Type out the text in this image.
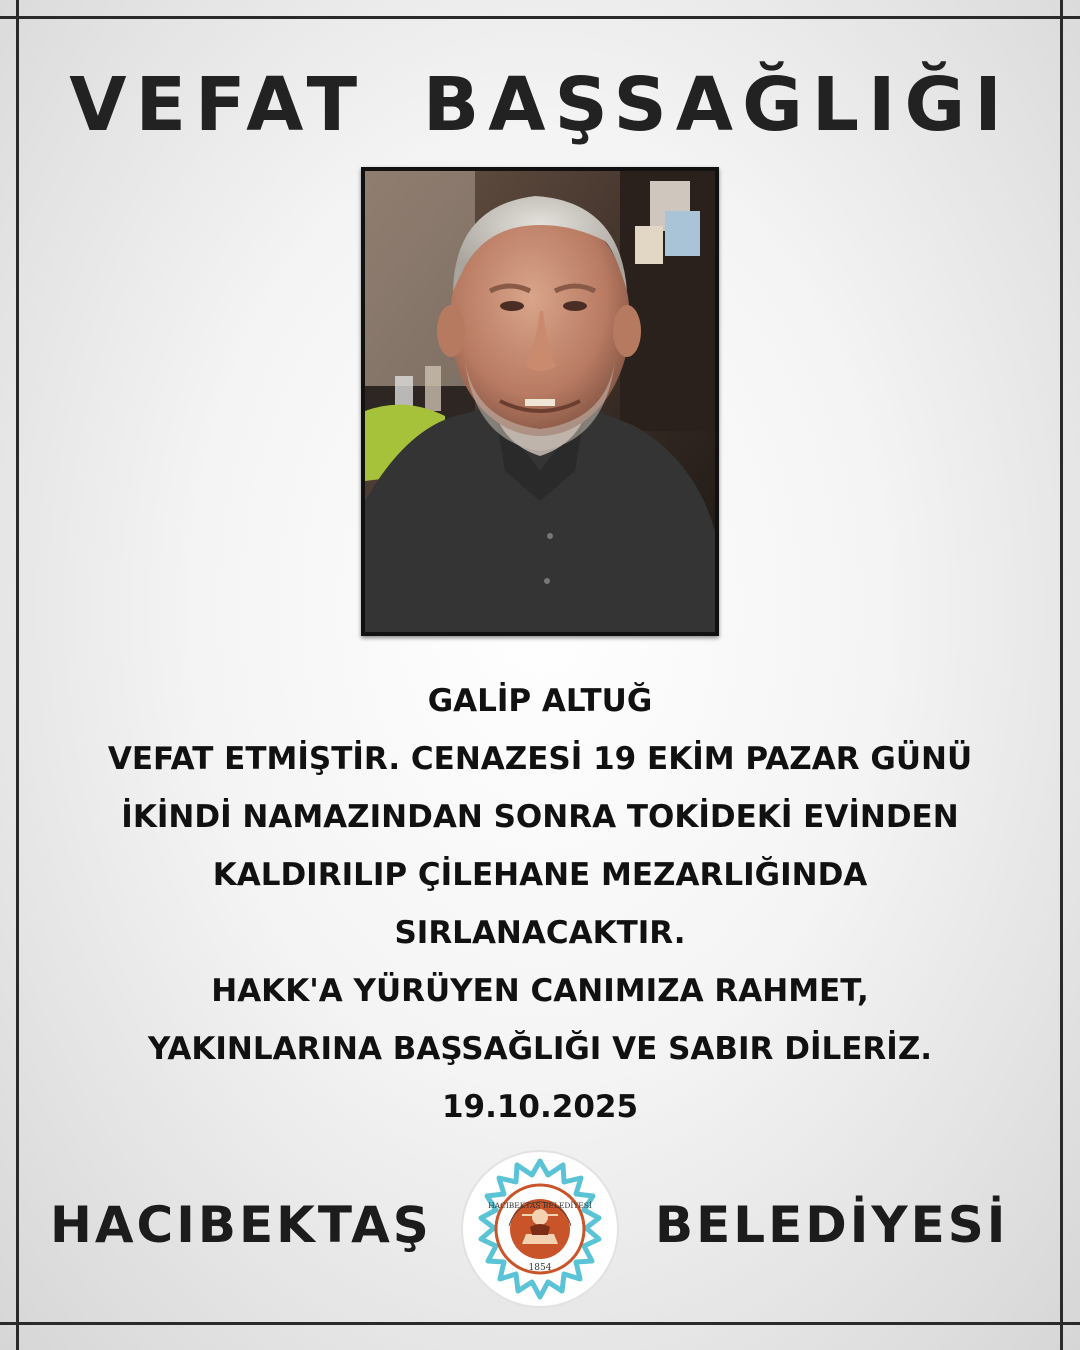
VEFAT BAŞSAĞLIĞI
GALİP ALTUĞ
VEFAT ETMİŞTİR. CENAZESİ 19 EKİM PAZAR GÜNÜ
İKİNDİ NAMAZINDAN SONRA TOKİDEKİ EVİNDEN
KALDIRILIP ÇİLEHANE MEZARLIĞINDA
SIRLANACAKTIR.
HAKK'A YÜRÜYEN CANIMIZA RAHMET,
YAKINLARINA BAŞSAĞLIĞI VE SABIR DİLERİZ.
19.10.2025
HACIBEKTAŞ	HACIBEKTAŞ BELEDİYESİ
1854
BELEDİYESİ
